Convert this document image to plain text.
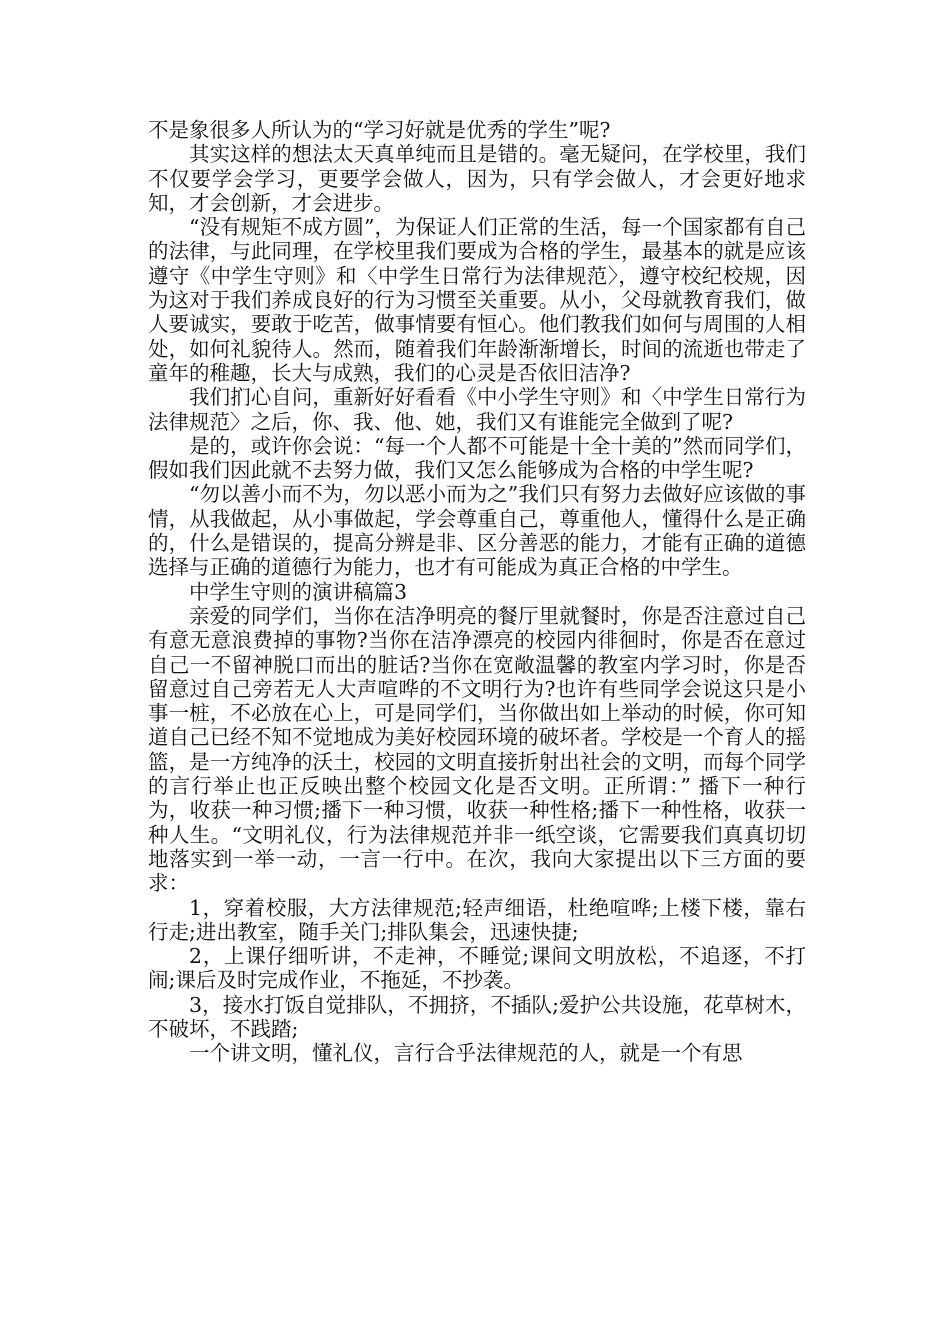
不是象很多人所认为的“学习好就是优秀的学生”呢?

其实这样的想法太天真单纯而且是错的。毫无疑问，在学校里，我们不仅要学会学习，更要学会做人，因为，只有学会做人，才会更好地求知，才会创新，才会进步。

“没有规矩不成方圆”，为保证人们正常的生活，每一个国家都有自己的法律，与此同理，在学校里我们要成为合格的学生，最基本的就是应该遵守《中学生守则》和〈中学生日常行为法律规范〉，遵守校纪校规，因为这对于我们养成良好的行为习惯至关重要。从小，父母就教育我们，做人要诚实，要敢于吃苦，做事情要有恒心。他们教我们如何与周围的人相处，如何礼貌待人。然而，随着我们年龄渐渐增长，时间的流逝也带走了童年的稚趣，长大与成熟，我们的心灵是否依旧洁净?

我们扪心自问，重新好好看看《中小学生守则》和〈中学生日常行为法律规范〉之后，你、我、他、她，我们又有谁能完全做到了呢?

是的，或许你会说：“每一个人都不可能是十全十美的”然而同学们，假如我们因此就不去努力做，我们又怎么能够成为合格的中学生呢?

“勿以善小而不为，勿以恶小而为之”我们只有努力去做好应该做的事情，从我做起，从小事做起，学会尊重自己，尊重他人，懂得什么是正确的，什么是错误的，提高分辨是非、区分善恶的能力，才能有正确的道德选择与正确的道德行为能力，也才有可能成为真正合格的中学生。

中学生守则的演讲稿篇3

亲爱的同学们，当你在洁净明亮的餐厅里就餐时，你是否注意过自己有意无意浪费掉的事物?当你在洁净漂亮的校园内徘徊时，你是否在意过自己一不留神脱口而出的脏话?当你在宽敞温馨的教室内学习时，你是否留意过自己旁若无人大声喧哗的不文明行为?也许有些同学会说这只是小事一桩，不必放在心上，可是同学们，当你做出如上举动的时候，你可知道自己已经不知不觉地成为美好校园环境的破坏者。学校是一个育人的摇篮，是一方纯净的沃土，校园的文明直接折射出社会的文明，而每个同学的言行举止也正反映出整个校园文化是否文明。正所谓：” 播下一种行为，收获一种习惯;播下一种习惯，收获一种性格;播下一种性格，收获一种人生。“文明礼仪，行为法律规范并非一纸空谈，它需要我们真真切切地落实到一举一动，一言一行中。在次，我向大家提出以下三方面的要求：

1，穿着校服，大方法律规范;轻声细语，杜绝喧哗;上楼下楼，靠右行走;进出教室，随手关门;排队集会，迅速快捷;

2，上课仔细听讲，不走神，不睡觉;课间文明放松，不追逐，不打闹;课后及时完成作业，不拖延，不抄袭。

3，接水打饭自觉排队，不拥挤，不插队;爱护公共设施，花草树木，不破坏，不践踏;

一个讲文明，懂礼仪，言行合乎法律规范的人，就是一个有思
